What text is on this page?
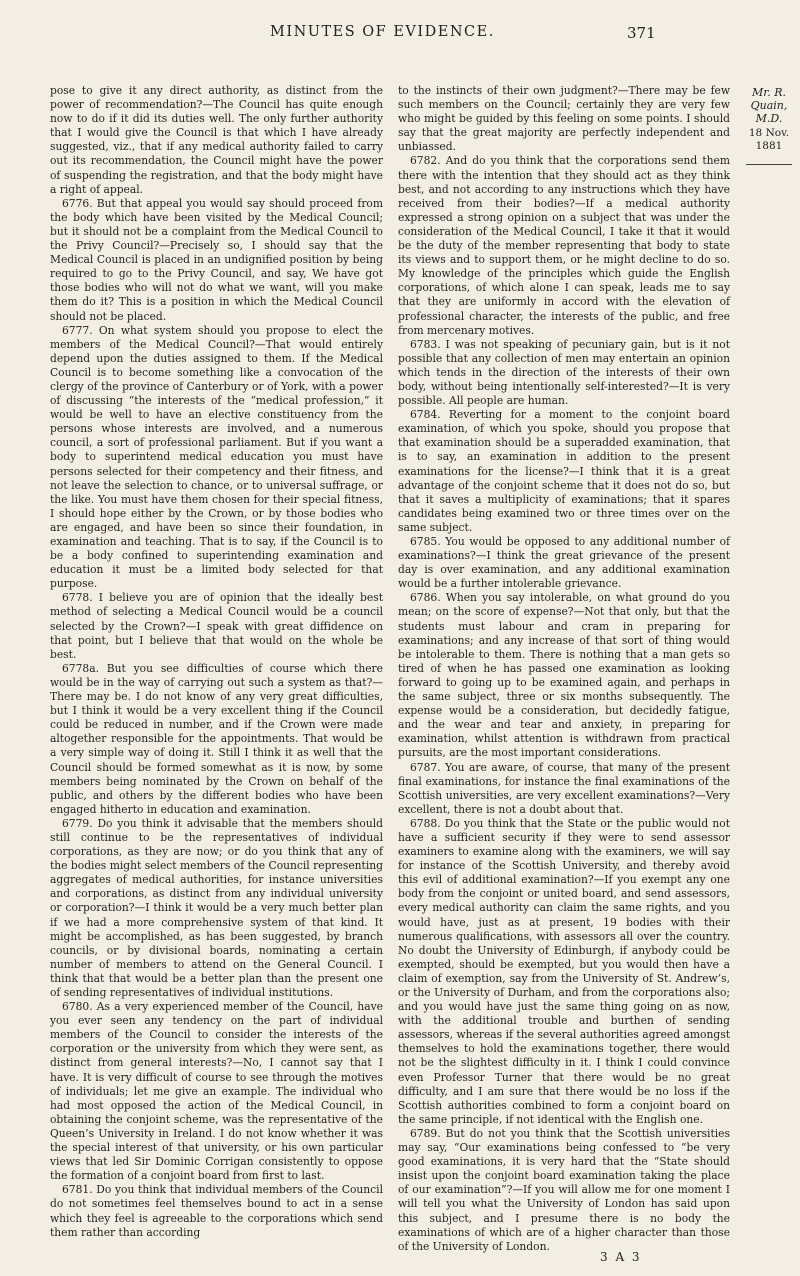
MINUTES OF EVIDENCE.	371

pose to give it any direct authority, as distinct from the power of recommendation?—The Council has quite enough now to do if it did its duties well. The only further authority that I would give the Council is that which I have already suggested, viz., that if any medical authority failed to carry out its recommendation, the Council might have the power of suspending the registration, and that the body might have a right of appeal.

6776. But that appeal you would say should proceed from the body which have been visited by the Medical Council; but it should not be a complaint from the Medical Council to the Privy Council?—Precisely so, I should say that the Medical Council is placed in an undignified position by being required to go to the Privy Council, and say, We have got those bodies who will not do what we want, will you make them do it? This is a position in which the Medical Council should not be placed.

6777. On what system should you propose to elect the members of the Medical Council?—That would entirely depend upon the duties assigned to them. If the Medical Council is to become something like a convocation of the clergy of the province of Canterbury or of York, with a power of discussing “the interests of the “medical profession,” it would be well to have an elective constituency from the persons whose interests are involved, and a numerous council, a sort of professional parliament. But if you want a body to superintend medical education you must have persons selected for their competency and their fitness, and not leave the selection to chance, or to universal suffrage, or the like. You must have them chosen for their special fitness, I should hope either by the Crown, or by those bodies who are engaged, and have been so since their foundation, in examination and teaching. That is to say, if the Council is to be a body confined to superintending examination and education it must be a limited body selected for that purpose.

6778. I believe you are of opinion that the ideally best method of selecting a Medical Council would be a council selected by the Crown?—I speak with great diffidence on that point, but I believe that that would on the whole be best.

6778a. But you see difficulties of course which there would be in the way of carrying out such a system as that?—There may be. I do not know of any very great difficulties, but I think it would be a very excellent thing if the Council could be reduced in number, and if the Crown were made altogether responsible for the appointments. That would be a very simple way of doing it. Still I think it as well that the Council should be formed somewhat as it is now, by some members being nominated by the Crown on behalf of the public, and others by the different bodies who have been engaged hitherto in education and examination.

6779. Do you think it advisable that the members should still continue to be the representatives of individual corporations, as they are now; or do you think that any of the bodies might select members of the Council representing aggregates of medical authorities, for instance universities and corporations, as distinct from any individual university or corporation?—I think it would be a very much better plan if we had a more comprehensive system of that kind. It might be accomplished, as has been suggested, by branch councils, or by divisional boards, nominating a certain number of members to attend on the General Council. I think that that would be a better plan than the present one of sending representatives of individual institutions.

6780. As a very experienced member of the Council, have you ever seen any tendency on the part of individual members of the Council to consider the interests of the corporation or the university from which they were sent, as distinct from general interests?—No, I cannot say that I have. It is very difficult of course to see through the motives of individuals; let me give an example. The individual who had most opposed the action of the Medical Council, in obtaining the conjoint scheme, was the representative of the Queen’s University in Ireland. I do not know whether it was the special interest of that university, or his own particular views that led Sir Dominic Corrigan consistently to oppose the formation of a conjoint board from first to last.

6781. Do you think that individual members of the Council do not sometimes feel themselves bound to act in a sense which they feel is agreeable to the corporations which send them rather than according

to the instincts of their own judgment?—There may be few such members on the Council; certainly they are very few who might be guided by this feeling on some points. I should say that the great majority are perfectly independent and unbiassed.

6782. And do you think that the corporations send them there with the intention that they should act as they think best, and not according to any instructions which they have received from their bodies?—If a medical authority expressed a strong opinion on a subject that was under the consideration of the Medical Council, I take it that it would be the duty of the member representing that body to state its views and to support them, or he might decline to do so. My knowledge of the principles which guide the English corporations, of which alone I can speak, leads me to say that they are uniformly in accord with the elevation of professional character, the interests of the public, and free from mercenary motives.

6783. I was not speaking of pecuniary gain, but is it not possible that any collection of men may entertain an opinion which tends in the direction of the interests of their own body, without being intentionally self-interested?—It is very possible. All people are human.

6784. Reverting for a moment to the conjoint board examination, of which you spoke, should you propose that that examination should be a superadded examination, that is to say, an examination in addition to the present examinations for the license?—I think that it is a great advantage of the conjoint scheme that it does not do so, but that it saves a multiplicity of examinations; that it spares candidates being examined two or three times over on the same subject.

6785. You would be opposed to any additional number of examinations?—I think the great grievance of the present day is over examination, and any additional examination would be a further intolerable grievance.

6786. When you say intolerable, on what ground do you mean; on the score of expense?—Not that only, but that the students must labour and cram in preparing for examinations; and any increase of that sort of thing would be intolerable to them. There is nothing that a man gets so tired of when he has passed one examination as looking forward to going up to be examined again, and perhaps in the same subject, three or six months subsequently. The expense would be a consideration, but decidedly fatigue, and the wear and tear and anxiety, in preparing for examination, whilst attention is withdrawn from practical pursuits, are the most important considerations.

6787. You are aware, of course, that many of the present final examinations, for instance the final examinations of the Scottish universities, are very excellent examinations?—Very excellent, there is not a doubt about that.

6788. Do you think that the State or the public would not have a sufficient security if they were to send assessor examiners to examine along with the examiners, we will say for instance of the Scottish University, and thereby avoid this evil of additional examination?—If you exempt any one body from the conjoint or united board, and send assessors, every medical authority can claim the same rights, and you would have, just as at present, 19 bodies with their numerous qualifications, with assessors all over the country. No doubt the University of Edinburgh, if anybody could be exempted, should be exempted, but you would then have a claim of exemption, say from the University of St. Andrew’s, or the University of Durham, and from the corporations also; and you would have just the same thing going on as now, with the additional trouble and burthen of sending assessors, whereas if the several authorities agreed amongst themselves to hold the examinations together, there would not be the slightest difficulty in it. I think I could convince even Professor Turner that there would be no great difficulty, and I am sure that there would be no loss if the Scottish authorities combined to form a conjoint board on the same principle, if not identical with the English one.

6789. But do not you think that the Scottish universities may say, “Our examinations being confessed to “be very good examinations, it is very hard that the “State should insist upon the conjoint board examination taking the place of our examination”?—If you will allow me for one moment I will tell you what the University of London has said upon this subject, and I presume there is no body the examinations of which are of a higher character than those of the University of London.

Mr. R.
Quain, M.D.
18 Nov. 1881
3 A 3
